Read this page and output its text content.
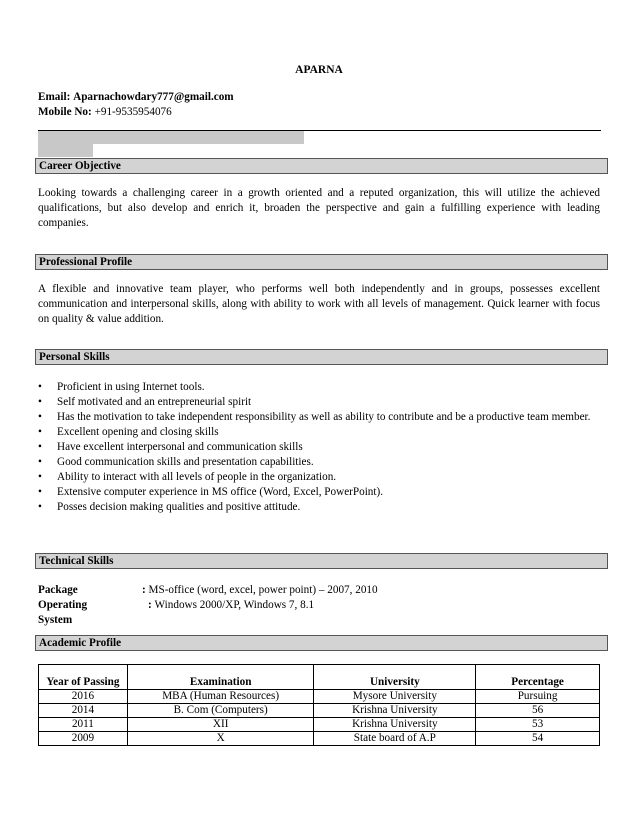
APARNA
Email: Aparnachowdary777@gmail.com
Mobile No: +91-9535954076
Career Objective
Looking towards a challenging career in a growth oriented and a reputed organization, this will utilize the achieved qualifications, but also develop and enrich it, broaden the perspective and gain a fulfilling experience with leading companies.
Professional Profile
A flexible and innovative team player, who performs well both independently and in groups, possesses excellent communication and interpersonal skills, along with ability to work with all levels of management. Quick learner with focus on quality & value addition.
Personal Skills
• Proficient in using Internet tools.
• Self motivated and an entrepreneurial spirit
• Has the motivation to take independent responsibility as well as ability to contribute and be a productive team member.
• Excellent opening and closing skills
• Have excellent interpersonal and communication skills
• Good communication skills and presentation capabilities.
• Ability to interact with all levels of people in the organization.
• Extensive computer experience in MS office (Word, Excel, PowerPoint).
• Posses decision making qualities and positive attitude.
Technical Skills
Package	: MS-office (word, excel, power point) – 2007, 2010
Operating System
: Windows 2000/XP, Windows 7, 8.1
Academic Profile
Year of Passing	Examination	University	Percentage
2016	MBA (Human Resources)	Mysore University	Pursuing
2014	B. Com (Computers)	Krishna University	56
2011	XII	Krishna University	53
2009	X	State board of A.P	54
